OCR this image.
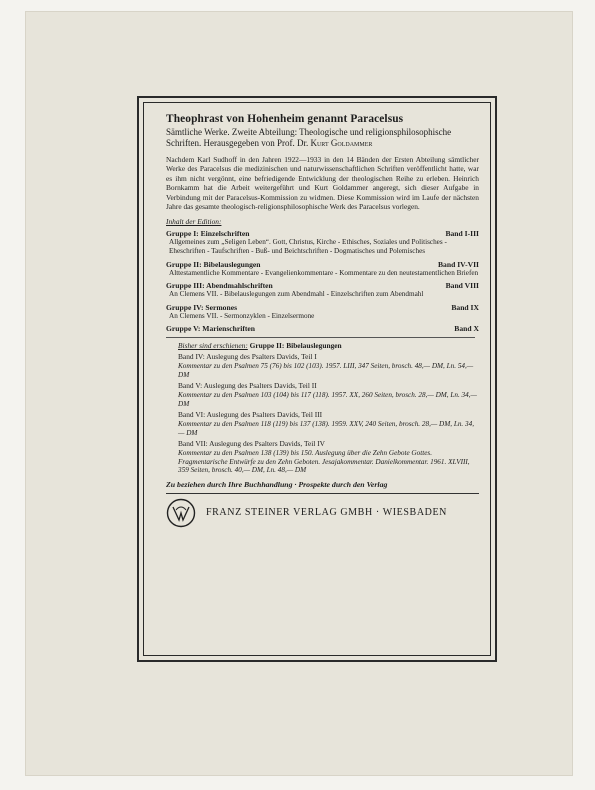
Theophrast von Hohenheim genannt Paracelsus

Sämtliche Werke. Zweite Abteilung: Theologische und religionsphilosophische Schriften. Herausgegeben von Prof. Dr. Kurt Goldammer

Nachdem Karl Sudhoff in den Jahren 1922—1933 in den 14 Bänden der Ersten Abteilung sämtlicher Werke des Paracelsus die medizinischen und naturwissenschaftlichen Schriften veröffentlicht hatte, war es ihm nicht vergönnt, eine befriedigende Entwicklung der theologischen Reihe zu erleben. Heinrich Bornkamm hat die Arbeit weitergeführt und Kurt Goldammer angeregt, sich dieser Aufgabe in Verbindung mit der Paracelsus-Kommission zu widmen. Diese Kommission wird im Laufe der nächsten Jahre das gesamte theologisch-religionsphilosophische Werk des Paracelsus vorlegen.
Inhalt der Edition:
Gruppe I: Einzelschriften	Band I-III
Allgemeines zum „Seligen Leben“. Gott, Christus, Kirche - Ethisches, Soziales und Politisches - Eheschriften - Taufschriften - Buß- und Beichtschriften - Dogmatisches und Polemisches
Gruppe II: Bibelauslegungen	Band IV-VII
Alttestamentliche Kommentare - Evangelienkommentare - Kommentare zu den neutestamentlichen Briefen
Gruppe III: Abendmahlschriften	Band VIII
An Clemens VII. - Bibelauslegungen zum Abendmahl - Einzelschriften zum Abendmahl
Gruppe IV: Sermones	Band IX
An Clemens VII. - Sermonzyklen - Einzelsermone
Gruppe V: Marienschriften	Band X
Bisher sind erschienen: Gruppe II: Bibelauslegungen
Band IV: Auslegung des Psalters Davids, Teil I
Kommentar zu den Psalmen 75 (76) bis 102 (103). 1957. LIII, 347 Seiten, brosch. 48,— DM, Ln. 54,— DM
Band V: Auslegung des Psalters Davids, Teil II
Kommentar zu den Psalmen 103 (104) bis 117 (118). 1957. XX, 260 Seiten, brosch. 28,— DM, Ln. 34,— DM
Band VI: Auslegung des Psalters Davids, Teil III
Kommentar zu den Psalmen 118 (119) bis 137 (138). 1959. XXV, 240 Seiten, brosch. 28,— DM, Ln. 34,— DM
Band VII: Auslegung des Psalters Davids, Teil IV
Kommentar zu den Psalmen 138 (139) bis 150. Auslegung über die Zehn Gebote Gottes. Fragmentarische Entwürfe zu den Zehn Geboten. Jesajakommentar. Danielkommentar. 1961. XLVIII, 359 Seiten, brosch. 40,— DM, Ln. 48,— DM
Zu beziehen durch Ihre Buchhandlung · Prospekte durch den Verlag
FRANZ STEINER VERLAG GMBH · WIESBADEN
